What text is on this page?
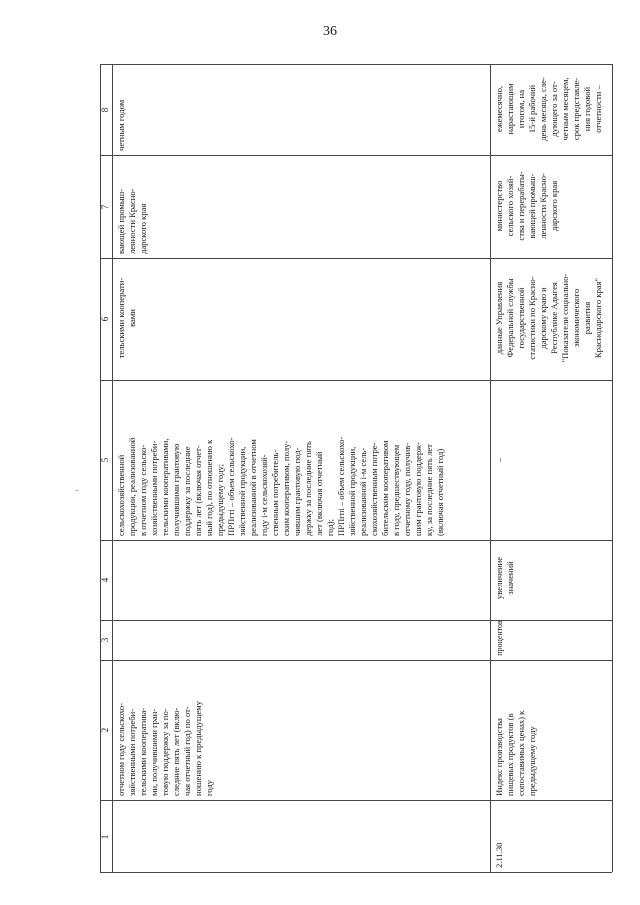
36
8
7
6
5
4
3
2
1
отчетном году сельскохо-
зяйственными потреби-
тельскими кооператива-
ми, получившими гран-
товую поддержку за по-
следние пять лет (вклю-
чая отчетный год) по от-
ношению к предыдущему
году
сельскохозяйственной
продукции, реализованной
в отчетном году сельско-
хозяйственными потреби-
тельскими кооперативами,
получившими грантовую
поддержку за последние
пять лет (включая отчет-
ный год), по отношению к
предыдущему году;
ПРПгті – объем сельскохо-
зяйственной продукции,
реализованной в отчетном
году і-м сельскохозяй-
ственным потребитель-
ским кооперативом, полу-
чившим грантовую под-
держку за последние пять
лет (включая отчетный
год);
ПРПгпі – объем сельскохо-
зяйственной продукции,
реализованной і-м сель-
скохозяйственным потре-
бительским кооперативом
в году, предшествующем
отчетному году, получив-
шим грантовую поддерж-
ку, за последние пять лет
(включая отчетный год)
тельскими кооперати-
вами
вающей промыш-
ленности Красно-
дарского края
четным годом
2.11.30
Индекс производства
пищевых продуктов (в
сопоставимых ценах) к
предыдущему году
процентов
увеличение
значений
–
данные Управления
Федеральной службы
государственной
статистики по Красно-
дарскому краю и
Республике Адыгея
"Показатели социально-
экономического
развития
Краснодарского края"
министерство
сельского хозяй-
ства и перерабаты-
вающей промыш-
ленности Красно-
дарского края
ежемесячно,
нарастающим
итогом, на
15-й рабочий
день месяца, сле-
дующего за от-
четным месяцем,
срок представле-
ния годовой
отчетности –
